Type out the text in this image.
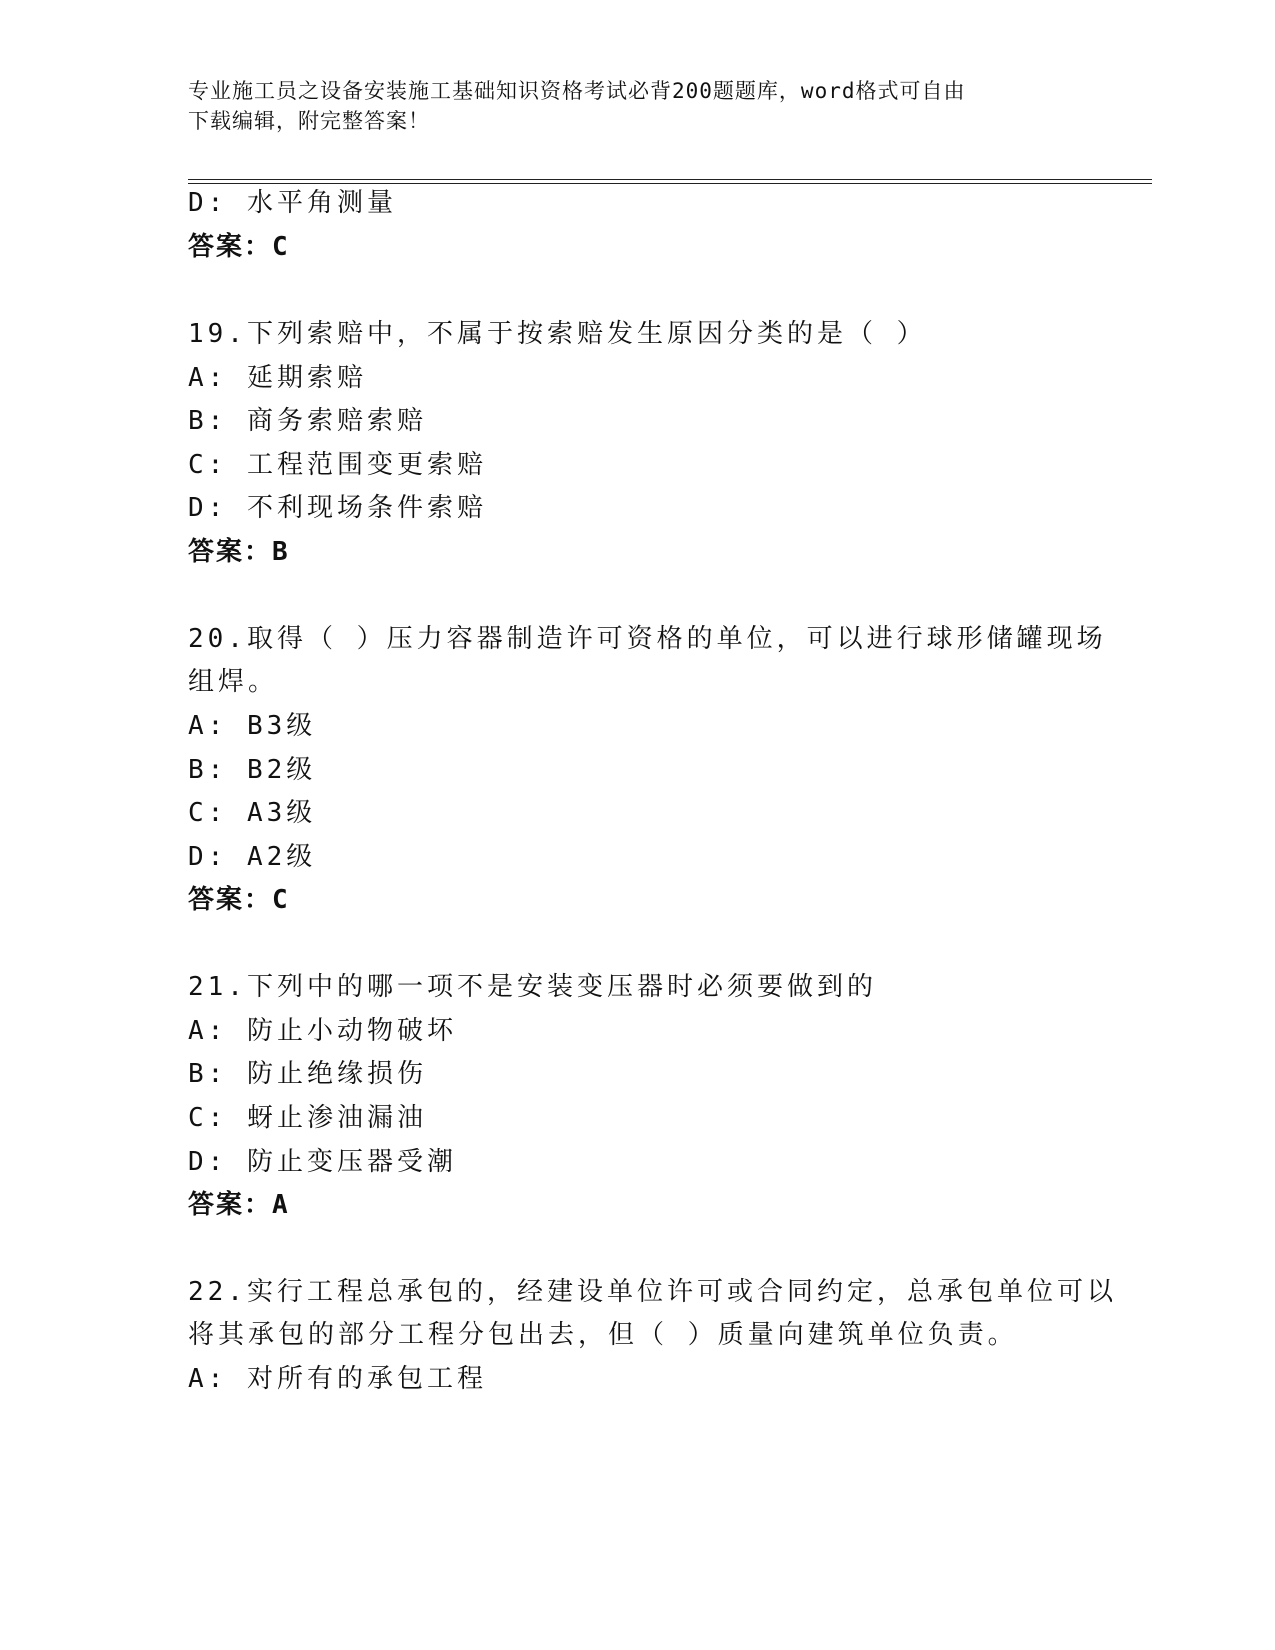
专业施工员之设备安装施工基础知识资格考试必背200题题库，word格式可自由
下载编辑，附完整答案！
D: 水平角测量
答案：C
19.下列索赔中，不属于按索赔发生原因分类的是（ ）
A: 延期索赔
B: 商务索赔索赔
C: 工程范围变更索赔
D: 不利现场条件索赔
答案：B
20.取得（ ）压力容器制造许可资格的单位，可以进行球形储罐现场
组焊。
A: B3级
B: B2级
C: A3级
D: A2级
答案：C
21.下列中的哪一项不是安装变压器时必须要做到的
A: 防止小动物破坏
B: 防止绝缘损伤
C: 蚜止渗油漏油
D: 防止变压器受潮
答案：A
22.实行工程总承包的，经建设单位许可或合同约定，总承包单位可以
将其承包的部分工程分包出去，但（ ）质量向建筑单位负责。
A: 对所有的承包工程
